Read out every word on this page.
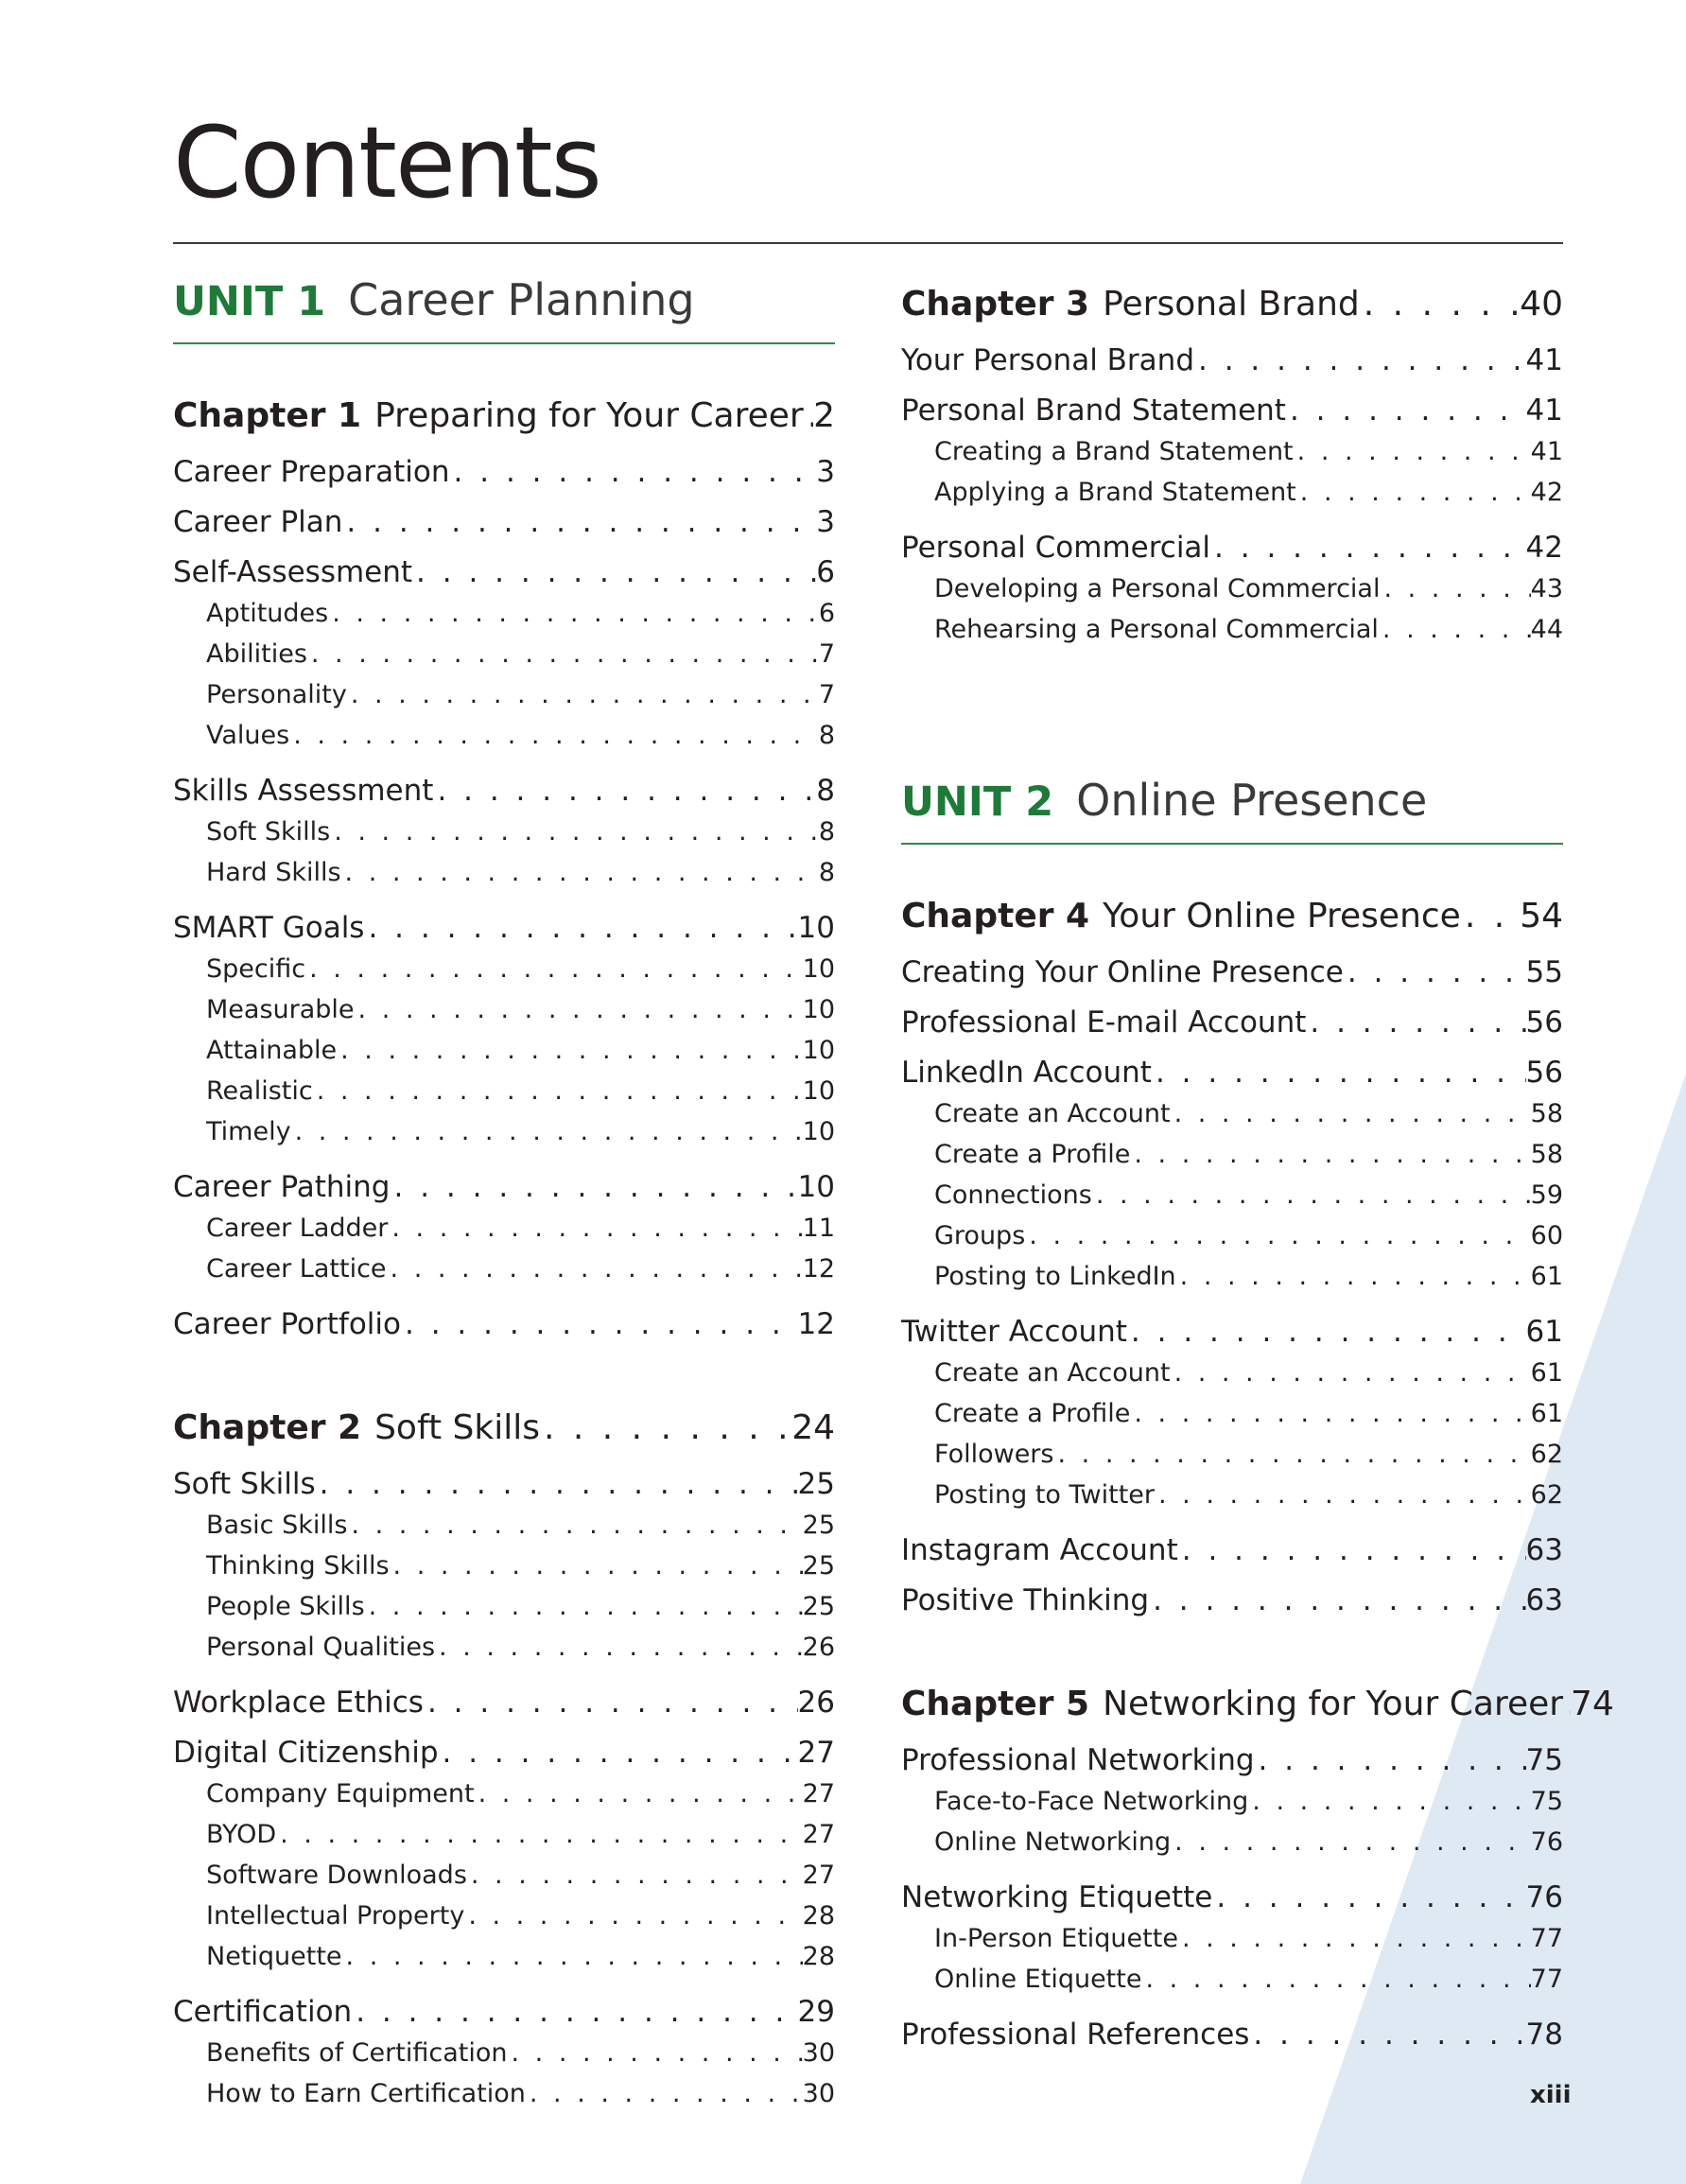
Contents
UNIT 1 Career Planning
Chapter 1 Preparing for Your Career . . . 2
Career Preparation . . .	3
Career Plan . . .	3
Self-Assessment . . .	6
Aptitudes . . .	6
Abilities . . .	7
Personality . . .	7
Values . . .	8
Skills Assessment . . .	8
Soft Skills . . .	8
Hard Skills . . .	8
SMART Goals . . .	10
Specific . . .	10
Measurable . . .	10
Attainable . . .	10
Realistic . . .	10
Timely . . .	10
Career Pathing . . .	10
Career Ladder . . .	11
Career Lattice . . .	12
Career Portfolio . . .	12
Chapter 2 Soft Skills . . .	24
Soft Skills . . .	25
Basic Skills . . .	25
Thinking Skills . . .	25
People Skills . . .	25
Personal Qualities . . .	26
Workplace Ethics . . .	26
Digital Citizenship . . .	27
Company Equipment . . .	27
BYOD . . .	27
Software Downloads . . .	27
Intellectual Property . . .	28
Netiquette . . .	28
Certification . . .	29
Benefits of Certification . . .	30
How to Earn Certification . . .	30
Chapter 3 Personal Brand . . .	40
Your Personal Brand . . .	41
Personal Brand Statement . . .	41
Creating a Brand Statement . . .	41
Applying a Brand Statement . . .	42
Personal Commercial . . .	42
Developing a Personal Commercial . . .	43
Rehearsing a Personal Commercial . . .	44
UNIT 2 Online Presence
Chapter 4 Your Online Presence . . . 54
Creating Your Online Presence . . .	55
Professional E-mail Account . . .	56
LinkedIn Account . . .	56
Create an Account . . .	58
Create a Profile . . .	58
Connections . . .	59
Groups . . .	60
Posting to LinkedIn . . .	61
Twitter Account . . .	61
Create an Account . . .	61
Create a Profile . . .	61
Followers . . .	62
Posting to Twitter . . .	62
Instagram Account . . .	63
Positive Thinking . . .	63
Chapter 5 Networking for Your Career . . . 74
Professional Networking . . .	75
Face-to-Face Networking . . .	75
Online Networking . . .	76
Networking Etiquette . . .	76
In-Person Etiquette . . .	77
Online Etiquette . . .	77
Professional References . . .	78
xiii
